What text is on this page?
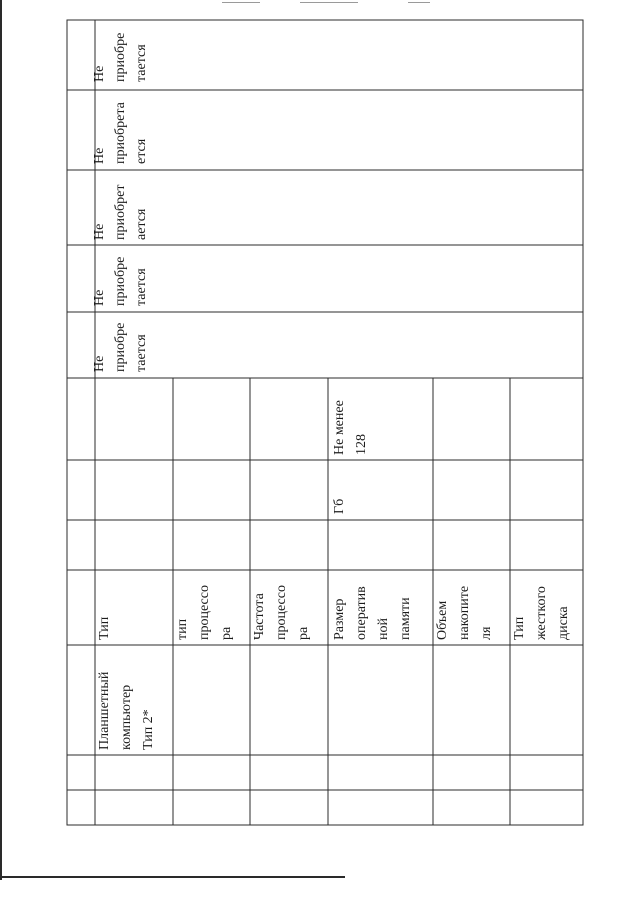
Не приобре тается
Не приобрета ется
Не приобрет ается
Не приобре тается
Не приобре тается
Не менее 128
Гб
Тип	тип процессо ра Частота процессо ра Размер оператив ной памяти Объем накопите ля Тип жесткого диска
Планшетный компьютер Тип 2*
